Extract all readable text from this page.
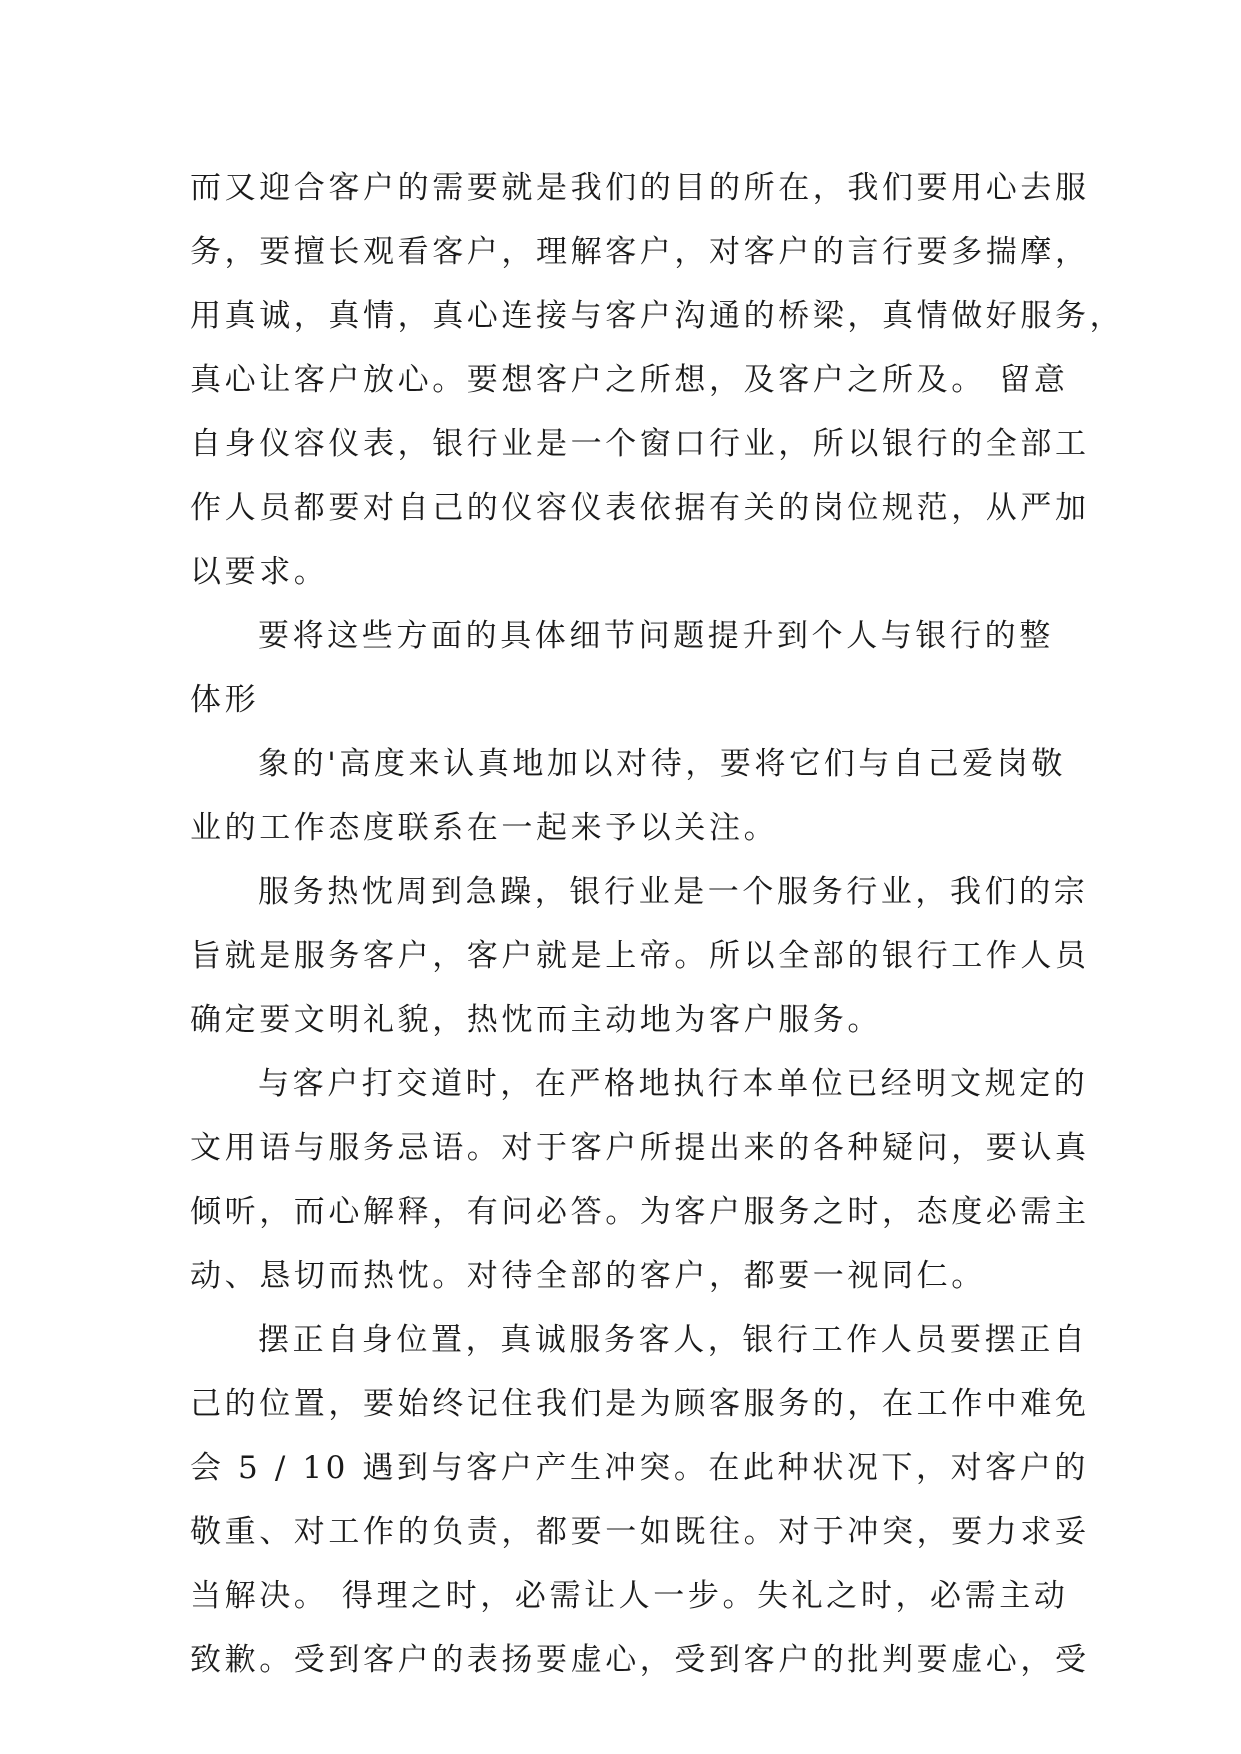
而又迎合客户的需要就是我们的目的所在，我们要用心去服
务，要擅长观看客户，理解客户，对客户的言行要多揣摩，
用真诚，真情，真心连接与客户沟通的桥梁，真情做好服务，
真心让客户放心。要想客户之所想，及客户之所及。 留意
自身仪容仪表，银行业是一个窗口行业，所以银行的全部工
作人员都要对自己的仪容仪表依据有关的岗位规范，从严加
以要求。
要将这些方面的具体细节问题提升到个人与银行的整
体形
象的'高度来认真地加以对待，要将它们与自己爱岗敬
业的工作态度联系在一起来予以关注。
服务热忱周到急躁，银行业是一个服务行业，我们的宗
旨就是服务客户，客户就是上帝。所以全部的银行工作人员
确定要文明礼貌，热忱而主动地为客户服务。
与客户打交道时，在严格地执行本单位已经明文规定的
文用语与服务忌语。对于客户所提出来的各种疑问，要认真
倾听，而心解释，有问必答。为客户服务之时，态度必需主
动、恳切而热忱。对待全部的客户，都要一视同仁。
摆正自身位置，真诚服务客人，银行工作人员要摆正自
己的位置，要始终记住我们是为顾客服务的，在工作中难免
会 5 / 10 遇到与客户产生冲突。在此种状况下，对客户的
敬重、对工作的负责，都要一如既往。对于冲突，要力求妥
当解决。 得理之时，必需让人一步。失礼之时，必需主动
致歉。受到客户的表扬要虚心，受到客户的批判要虚心，受
